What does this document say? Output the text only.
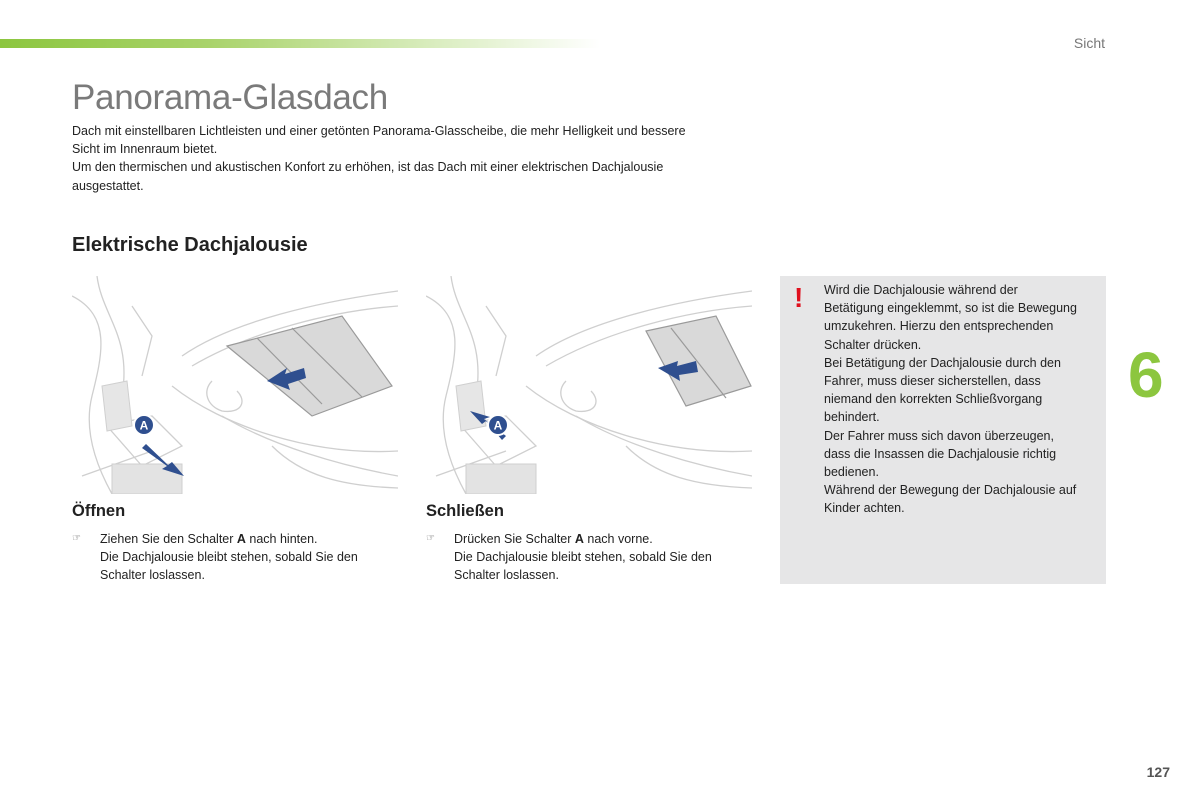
Sicht
Panorama-Glasdach

Dach mit einstellbaren Lichtleisten und einer getönten Panorama-Glasscheibe, die mehr Helligkeit und bessere
Sicht im Innenraum bietet.
Um den thermischen und akustischen Konfort zu erhöhen, ist das Dach mit einer elektrischen Dachjalousie
ausgestattet.

Elektrische Dachjalousie
A	A
Öffnen
☞ Ziehen Sie den Schalter A nach hinten.
Die Dachjalousie bleibt stehen, sobald Sie den
Schalter loslassen.

Schließen
☞ Drücken Sie Schalter A nach vorne.
Die Dachjalousie bleibt stehen, sobald Sie den
Schalter loslassen.

! Wird die Dachjalousie während der
Betätigung eingeklemmt, so ist die Bewegung
umzukehren. Hierzu den entsprechenden
Schalter drücken.
Bei Betätigung der Dachjalousie durch den
Fahrer, muss dieser sicherstellen, dass
niemand den korrekten Schließvorgang
behindert.
Der Fahrer muss sich davon überzeugen,
dass die Insassen die Dachjalousie richtig
bedienen.
Während der Bewegung der Dachjalousie auf
Kinder achten.

6
127
